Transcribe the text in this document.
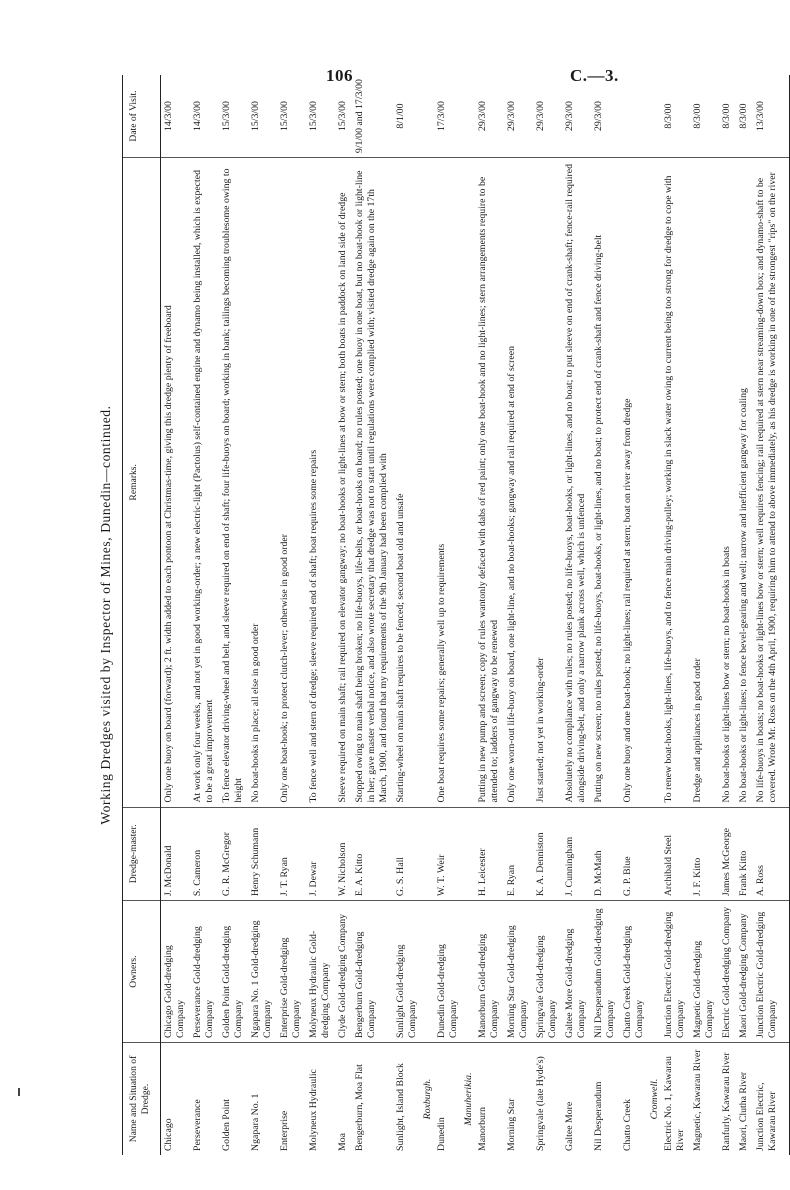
106	C.—3.
Working Dredges visited by Inspector of Mines, Dunedin—continued.
Name and Situation of Dredge.	Owners.	Dredge-master.	Remarks.	Date of Visit.
Chicago	Chicago Gold-dredging Company	J. McDonald	Only one buoy on board (forward); 2 ft. width added to each pontoon at Christmas-time, giving this dredge plenty of freeboard	14/3/00
Perseverance	Perseverance Gold-dredging Company	S. Cameron	At work only four weeks, and not yet in good working-order; a new electric-light (Pactolus) self-contained engine and dynamo being installed, which is expected to be a great improvement	14/3/00
Golden Point	Golden Point Gold-dredging Company	G. R. McGregor	To fence elevator driving-wheel and belt, and sleeve required on end of shaft; four life-buoys on board; working in bank; tailings becoming troublesome owing to height	15/3/00
Ngapara No. 1	Ngapara No. 1 Gold-dredging Company	Henry Schumann	No boat-hooks in place; all else in good order	15/3/00
Enterprise	Enterprise Gold-dredging Company	J. T. Ryan	Only one boat-hook; to protect clutch-lever; otherwise in good order	15/3/00
Molyneux Hydraulic	Molyneux Hydraulic Gold-dredging Company	J. Dewar	To fence well and stern of dredge; sleeve required end of shaft; boat requires some repairs	15/3/00
Moa	Clyde Gold-dredging Company	W. Nicholson	Sleeve required on main shaft; rail required on elevator gangway; no boat-hooks or light-lines at bow or stern; both boats in paddock on land side of dredge	15/3/00
Bengerburn, Moa Flat	Bengerburn Gold-dredging Company	E. A. Kitto	Stopped owing to main shaft being broken; no life-buoys, life-belts, or boat-hooks on board; no rules posted; one buoy in one boat, but no boat-hook or light-line in her; gave master verbal notice, and also wrote secretary that dredge was not to start until regulations were complied with; visited dredge again on the 17th March, 1900, and found that my requirements of the 9th January had been complied with	9/1/00 and 17/3/00
Sunlight, Island Block	Sunlight Gold-dredging Company	G. S. Hall	Starting-wheel on main shaft requires to be fenced; second boat old and unsafe	8/1/00
Roxburgh.				
Dunedin	Dunedin Gold-dredging Company	W. T. Weir	One boat requires some repairs; generally well up to requirements	17/3/00
Manuherikia.				
Manorburn	Manorburn Gold-dredging Company	H. Leicester	Putting in new pump and screen; copy of rules wantonly defaced with dabs of red paint; only one boat-hook and no light-lines; stern arrangements require to be attended to; ladders of gangway to be renewed	29/3/00
Morning Star	Morning Star Gold-dredging Company	E. Ryan	Only one worn-out life-buoy on board, one light-line, and no boat-hooks; gangway and rail required at end of screen	29/3/00
Springvale (late Hyde's)	Springvale Gold-dredging Company	K. A. Denniston	Just started; not yet in working-order	29/3/00
Galtee More	Galtee More Gold-dredging Company	J. Cunningham	Absolutely no compliance with rules; no rules posted; no life-buoys, boat-hooks, or light-lines, and no boat; to put sleeve on end of crank-shaft; fence-rail required alongside driving-belt, and only a narrow plank across well, which is unfenced	29/3/00
Nil Desperandum	Nil Desperandum Gold-dredging Company	D. McMath	Putting on new screen; no rules posted; no life-buoys, boat-hooks, or light-lines, and no boat; to protect end of crank-shaft and fence driving-belt	29/3/00
Chatto Creek	Chatto Creek Gold-dredging Company	G. P. Blue	Only one buoy and one boat-hook; no light-lines; rail required at stern; boat on river away from dredge	
Cromwell.				
Electric No. 1, Kawarau River	Junction Electric Gold-dredging Company	Archibald Steel	To renew boat-hooks, light-lines, life-buoys, and to fence main driving-pulley; working in slack water owing to current being too strong for dredge to cope with	8/3/00
Magnetic, Kawarau River	Magnetic Gold-dredging Company	J. F. Kitto	Dredge and appliances in good order	8/3/00
Ranfurly, Kawarau River	Electric Gold-dredging Company	James McGeorge	No boat-hooks or light-lines bow or stern; no boat-hooks in boats	8/3/00
Maori, Clutha River	Maori Gold-dredging Company	Frank Kitto	No boat-hooks or light-lines; to fence bevel-gearing and well; narrow and inefficient gangway for coaling	8/3/00
Junction Electric, Kawarau River	Junction Electric Gold-dredging Company	A. Ross	No life-buoys in boats; no boat-hooks or light-lines bow or stern; well requires fencing; rail required at stern near streaming-down box; and dynamo-shaft to be covered. Wrote Mr. Ross on the 4th April, 1900, requiring him to attend to above immediately, as his dredge is working in one of the strongest "rips" on the river	13/3/00
